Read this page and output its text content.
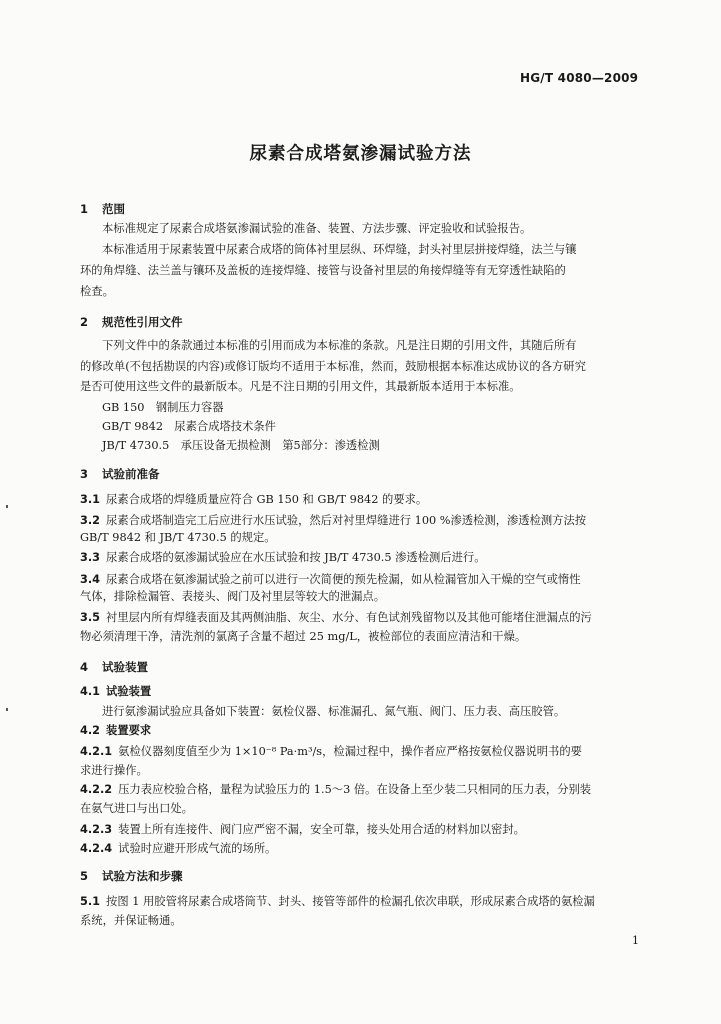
HG/T 4080—2009
尿素合成塔氨渗漏试验方法
1 范围
本标准规定了尿素合成塔氨渗漏试验的准备、装置、方法步骤、评定验收和试验报告。
本标准适用于尿素装置中尿素合成塔的筒体衬里层纵、环焊缝，封头衬里层拼接焊缝，法兰与镶
环的角焊缝、法兰盖与镶环及盖板的连接焊缝、接管与设备衬里层的角接焊缝等有无穿透性缺陷的
检查。
2 规范性引用文件
下列文件中的条款通过本标准的引用而成为本标准的条款。凡是注日期的引用文件，其随后所有
的修改单(不包括勘误的内容)或修订版均不适用于本标准，然而，鼓励根据本标准达成协议的各方研究
是否可使用这些文件的最新版本。凡是不注日期的引用文件，其最新版本适用于本标准。
GB 150　钢制压力容器
GB/T 9842　尿素合成塔技术条件
JB/T 4730.5　承压设备无损检测　第5部分：渗透检测
3 试验前准备
3.1 尿素合成塔的焊缝质量应符合 GB 150 和 GB/T 9842 的要求。
3.2 尿素合成塔制造完工后应进行水压试验，然后对衬里焊缝进行 100 %渗透检测，渗透检测方法按
GB/T 9842 和 JB/T 4730.5 的规定。
3.3 尿素合成塔的氨渗漏试验应在水压试验和按 JB/T 4730.5 渗透检测后进行。
3.4 尿素合成塔在氨渗漏试验之前可以进行一次简便的预先检漏，如从检漏管加入干燥的空气或惰性
气体，排除检漏管、表接头、阀门及衬里层等较大的泄漏点。
3.5 衬里层内所有焊缝表面及其两侧油脂、灰尘、水分、有色试剂残留物以及其他可能堵住泄漏点的污
物必须清理干净，清洗剂的氯离子含量不超过 25 mg/L，被检部位的表面应清洁和干燥。
4 试验装置
4.1 试验装置
进行氨渗漏试验应具备如下装置：氨检仪器、标准漏孔、氮气瓶、阀门、压力表、高压胶管。
4.2 装置要求
4.2.1 氨检仪器刻度值至少为 1×10⁻⁸ Pa·m³/s，检漏过程中，操作者应严格按氨检仪器说明书的要
求进行操作。
4.2.2 压力表应校验合格，量程为试验压力的 1.5～3 倍。在设备上至少装二只相同的压力表，分别装
在氨气进口与出口处。
4.2.3 装置上所有连接件、阀门应严密不漏，安全可靠，接头处用合适的材料加以密封。
4.2.4 试验时应避开形成气流的场所。
5 试验方法和步骤
5.1 按图 1 用胶管将尿素合成塔筒节、封头、接管等部件的检漏孔依次串联，形成尿素合成塔的氨检漏
系统，并保证畅通。
1
